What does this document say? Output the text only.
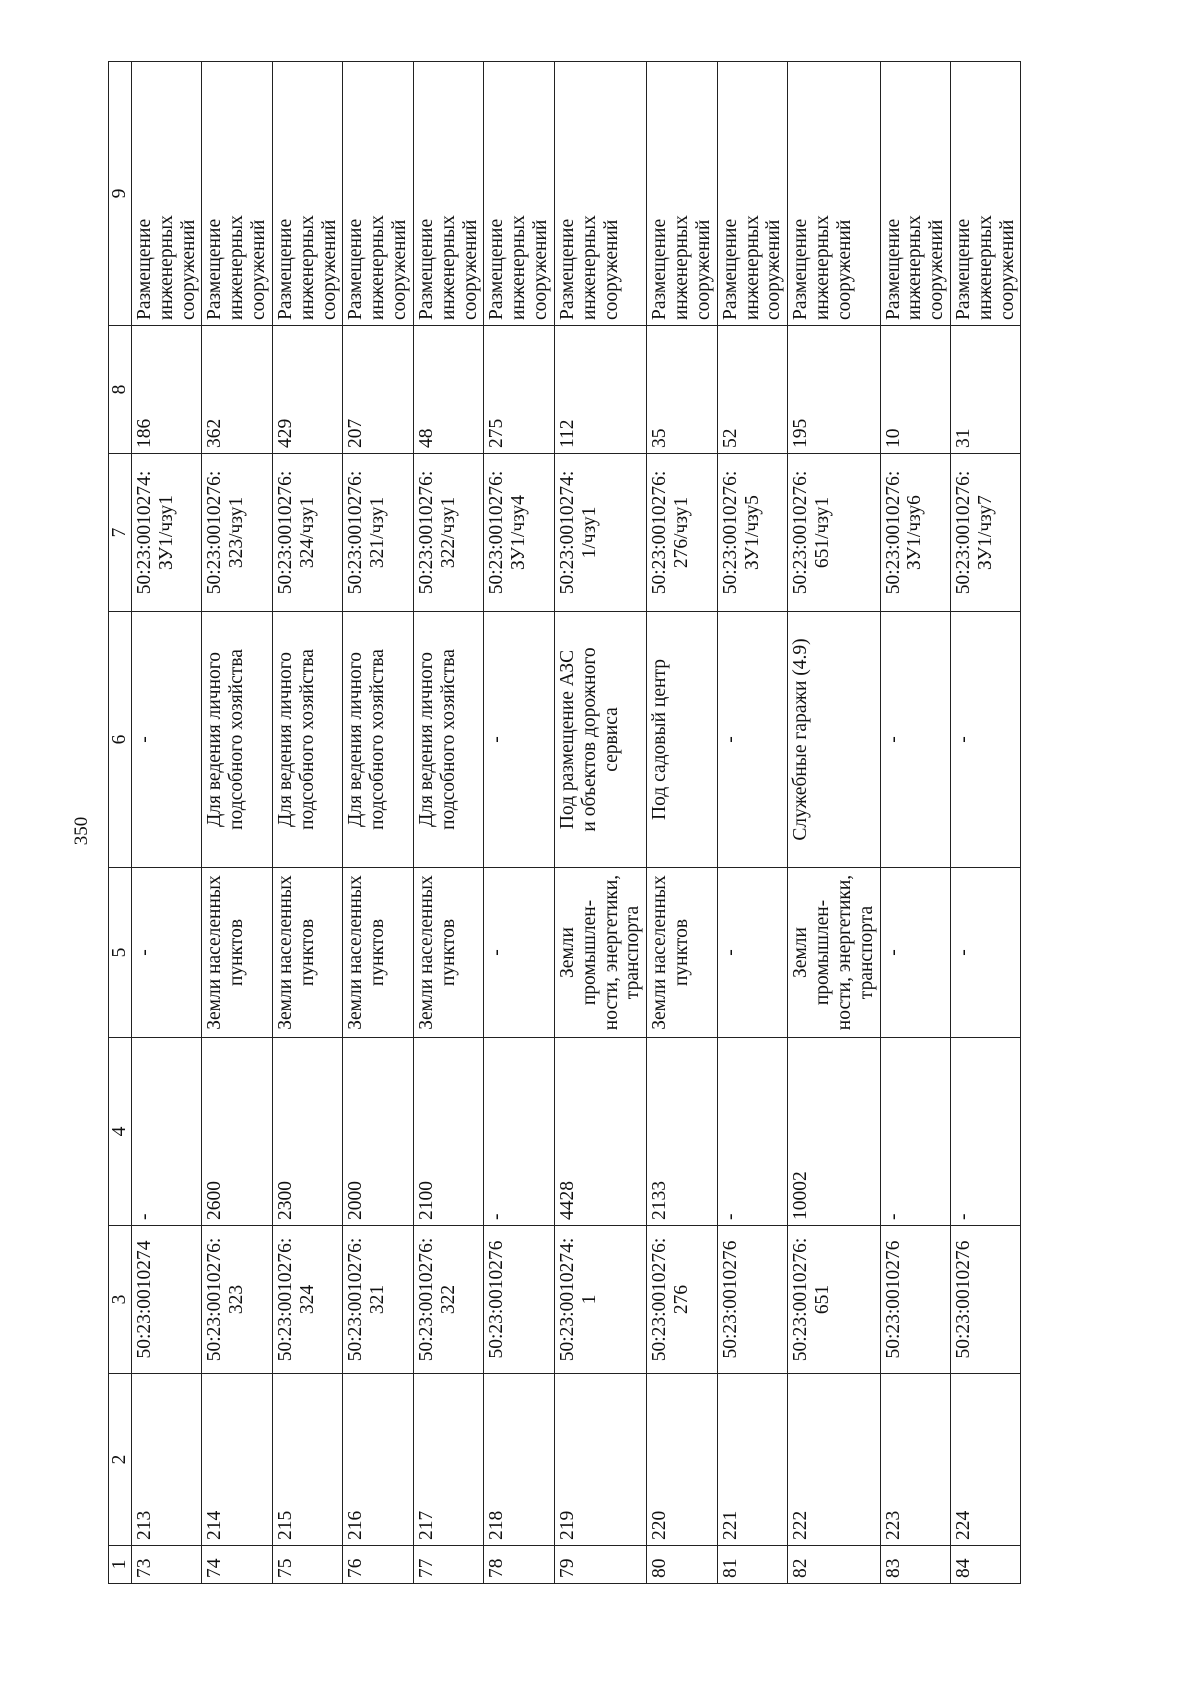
350
1	2	3	4	5	6	7	8	9
73	213	50:23:0010274	-	-	-	50:23:0010274:
ЗУ1/чзу1	186	Размещение
инженерных
сооружений
74	214	50:23:0010276:
323	2600	Земли населенных
пунктов	Для ведения личного
подсобного хозяйства	50:23:0010276:
323/чзу1	362	Размещение
инженерных
сооружений
75	215	50:23:0010276:
324	2300	Земли населенных
пунктов	Для ведения личного
подсобного хозяйства	50:23:0010276:
324/чзу1	429	Размещение
инженерных
сооружений
76	216	50:23:0010276:
321	2000	Земли населенных
пунктов	Для ведения личного
подсобного хозяйства	50:23:0010276:
321/чзу1	207	Размещение
инженерных
сооружений
77	217	50:23:0010276:
322	2100	Земли населенных
пунктов	Для ведения личного
подсобного хозяйства	50:23:0010276:
322/чзу1	48	Размещение
инженерных
сооружений
78	218	50:23:0010276	-	-	-	50:23:0010276:
ЗУ1/чзу4	275	Размещение
инженерных
сооружений
79	219	50:23:0010274:
1	4428	Земли промышлен-
ности, энергетики,
транспорта	Под размещение АЗС
и объектов дорожного
сервиса	50:23:0010274:
1/чзу1	112	Размещение
инженерных
сооружений
80	220	50:23:0010276:
276	2133	Земли населенных
пунктов	Под садовый центр	50:23:0010276:
276/чзу1	35	Размещение
инженерных
сооружений
81	221	50:23:0010276	-	-	-	50:23:0010276:
ЗУ1/чзу5	52	Размещение
инженерных
сооружений
82	222	50:23:0010276:
651	10002	Земли промышлен-
ности, энергетики,
транспорта	Служебные гаражи (4.9)	50:23:0010276:
651/чзу1	195	Размещение
инженерных
сооружений
83	223	50:23:0010276	-	-	-	50:23:0010276:
ЗУ1/чзу6	10	Размещение
инженерных
сооружений
84	224	50:23:0010276	-	-	-	50:23:0010276:
ЗУ1/чзу7	31	Размещение
инженерных
сооружений
